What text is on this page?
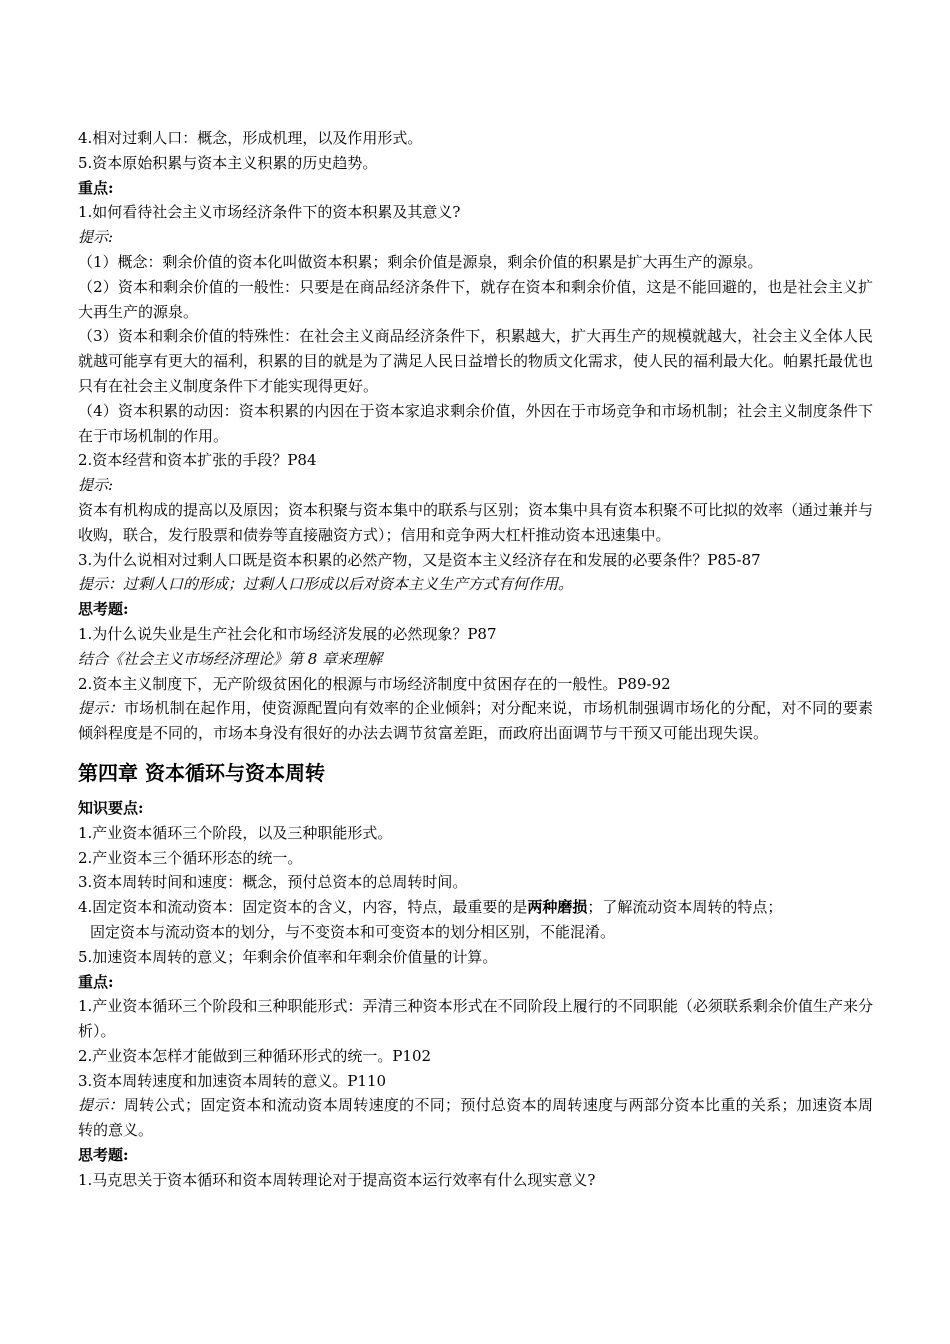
4.相对过剩人口：概念，形成机理，以及作用形式。
5.资本原始积累与资本主义积累的历史趋势。
重点:
1.如何看待社会主义市场经济条件下的资本积累及其意义?
提示:
（1）概念：剩余价值的资本化叫做资本积累；剩余价值是源泉，剩余价值的积累是扩大再生产的源泉。
（2）资本和剩余价值的一般性：只要是在商品经济条件下，就存在资本和剩余价值，这是不能回避的，也是社会主义扩大再生产的源泉。
（3）资本和剩余价值的特殊性：在社会主义商品经济条件下，积累越大，扩大再生产的规模就越大，社会主义全体人民就越可能享有更大的福利，积累的目的就是为了满足人民日益增长的物质文化需求，使人民的福利最大化。帕累托最优也只有在社会主义制度条件下才能实现得更好。
（4）资本积累的动因：资本积累的内因在于资本家追求剩余价值，外因在于市场竞争和市场机制；社会主义制度条件下在于市场机制的作用。
2.资本经营和资本扩张的手段？P84
提示:
资本有机构成的提高以及原因；资本积聚与资本集中的联系与区别；资本集中具有资本积聚不可比拟的效率（通过兼并与收购，联合，发行股票和债券等直接融资方式）；信用和竞争两大杠杆推动资本迅速集中。
3.为什么说相对过剩人口既是资本积累的必然产物，又是资本主义经济存在和发展的必要条件？P85-87
提示：过剩人口的形成；过剩人口形成以后对资本主义生产方式有何作用。
思考题:
1.为什么说失业是生产社会化和市场经济发展的必然现象？P87
结合《社会主义市场经济理论》第 8 章来理解
2.资本主义制度下，无产阶级贫困化的根源与市场经济制度中贫困存在的一般性。P89-92
提示：市场机制在起作用，使资源配置向有效率的企业倾斜；对分配来说，市场机制强调市场化的分配，对不同的要素倾斜程度是不同的，市场本身没有很好的办法去调节贫富差距，而政府出面调节与干预又可能出现失误。
第四章 资本循环与资本周转
知识要点:
1.产业资本循环三个阶段，以及三种职能形式。
2.产业资本三个循环形态的统一。
3.资本周转时间和速度：概念，预付总资本的总周转时间。
4.固定资本和流动资本：固定资本的含义，内容，特点，最重要的是两种磨损；了解流动资本周转的特点；
固定资本与流动资本的划分，与不变资本和可变资本的划分相区别，不能混淆。
5.加速资本周转的意义；年剩余价值率和年剩余价值量的计算。
重点:
1.产业资本循环三个阶段和三种职能形式：弄清三种资本形式在不同阶段上履行的不同职能（必须联系剩余价值生产来分析）。
2.产业资本怎样才能做到三种循环形式的统一。P102
3.资本周转速度和加速资本周转的意义。P110
提示：周转公式；固定资本和流动资本周转速度的不同；预付总资本的周转速度与两部分资本比重的关系；加速资本周转的意义。
思考题:
1.马克思关于资本循环和资本周转理论对于提高资本运行效率有什么现实意义?
